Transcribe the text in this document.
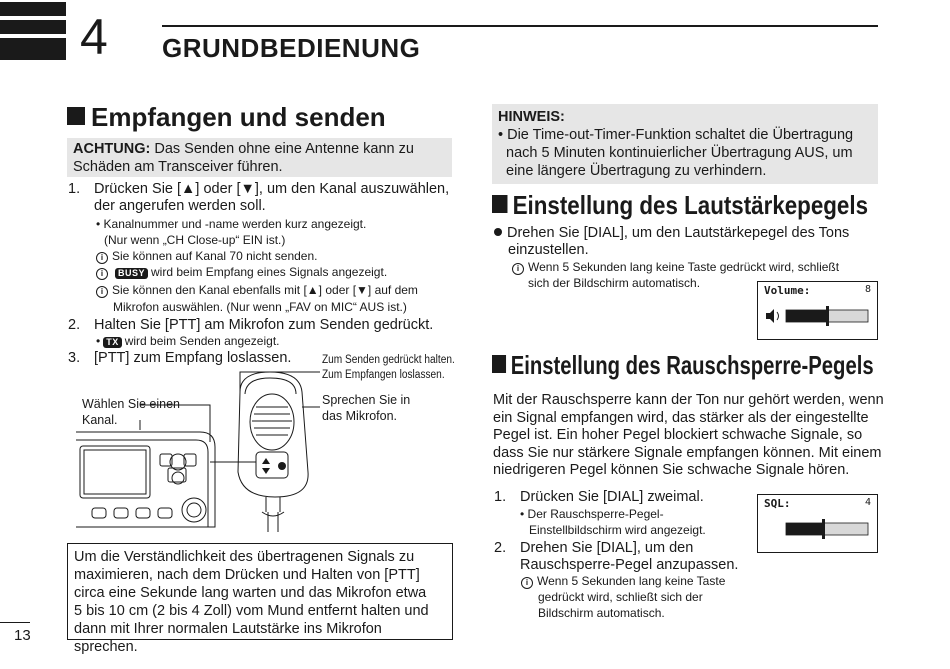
4 GRUNDBEDIENUNG
Empfangen und senden
ACHTUNG: Das Senden ohne eine Antenne kann zu
Schäden am Transceiver führen.
1. Drücken Sie [▲] oder [▼], um den Kanal auszuwählen,
der angerufen werden soll.
• Kanalnummer und -name werden kurz angezeigt.
(Nur wenn „CH Close-up“ EIN ist.)
i Sie können auf Kanal 70 nicht senden.
i BUSY wird beim Empfang eines Signals angezeigt.
i Sie können den Kanal ebenfalls mit [▲] oder [▼] auf dem
Mikrofon auswählen. (Nur wenn „FAV on MIC“ AUS ist.)
2. Halten Sie [PTT] am Mikrofon zum Senden gedrückt.
• TX wird beim Senden angezeigt.
3. [PTT] zum Empfang loslassen.	Zum Senden gedrückt halten.
Zum Empfangen loslassen.
Sprechen Sie in
das Mikrofon.
Wählen Sie einen
Kanal.
Um die Verständlichkeit des übertragenen Signals zu
maximieren, nach dem Drücken und Halten von [PTT]
circa eine Sekunde lang warten und das Mikrofon etwa
5 bis 10 cm (2 bis 4 Zoll) vom Mund entfernt halten und
dann mit Ihrer normalen Lautstärke ins Mikrofon sprechen.
HINWEIS:
• Die Time-out-Timer-Funktion schaltet die Übertragung
nach 5 Minuten kontinuierlicher Übertragung AUS, um
eine längere Übertragung zu verhindern.
Einstellung des Lautstärkepegels
Drehen Sie [DIAL], um den Lautstärkepegel des Tons
einzustellen.
i Wenn 5 Sekunden lang keine Taste gedrückt wird, schließt
sich der Bildschirm automatisch.
Volume:	8
Einstellung des Rauschsperre-Pegels
Mit der Rauschsperre kann der Ton nur gehört werden, wenn
ein Signal empfangen wird, das stärker als der eingestellte
Pegel ist. Ein hoher Pegel blockiert schwache Signale, so
dass Sie nur stärkere Signale empfangen können. Mit einem
niedrigeren Pegel können Sie schwache Signale hören.
1. Drücken Sie [DIAL] zweimal.
• Der Rauschsperre-Pegel-
Einstellbildschirm wird angezeigt.
2. Drehen Sie [DIAL], um den
Rauschsperre-Pegel anzupassen.
i Wenn 5 Sekunden lang keine Taste
gedrückt wird, schließt sich der
Bildschirm automatisch.
SQL:	4
13
